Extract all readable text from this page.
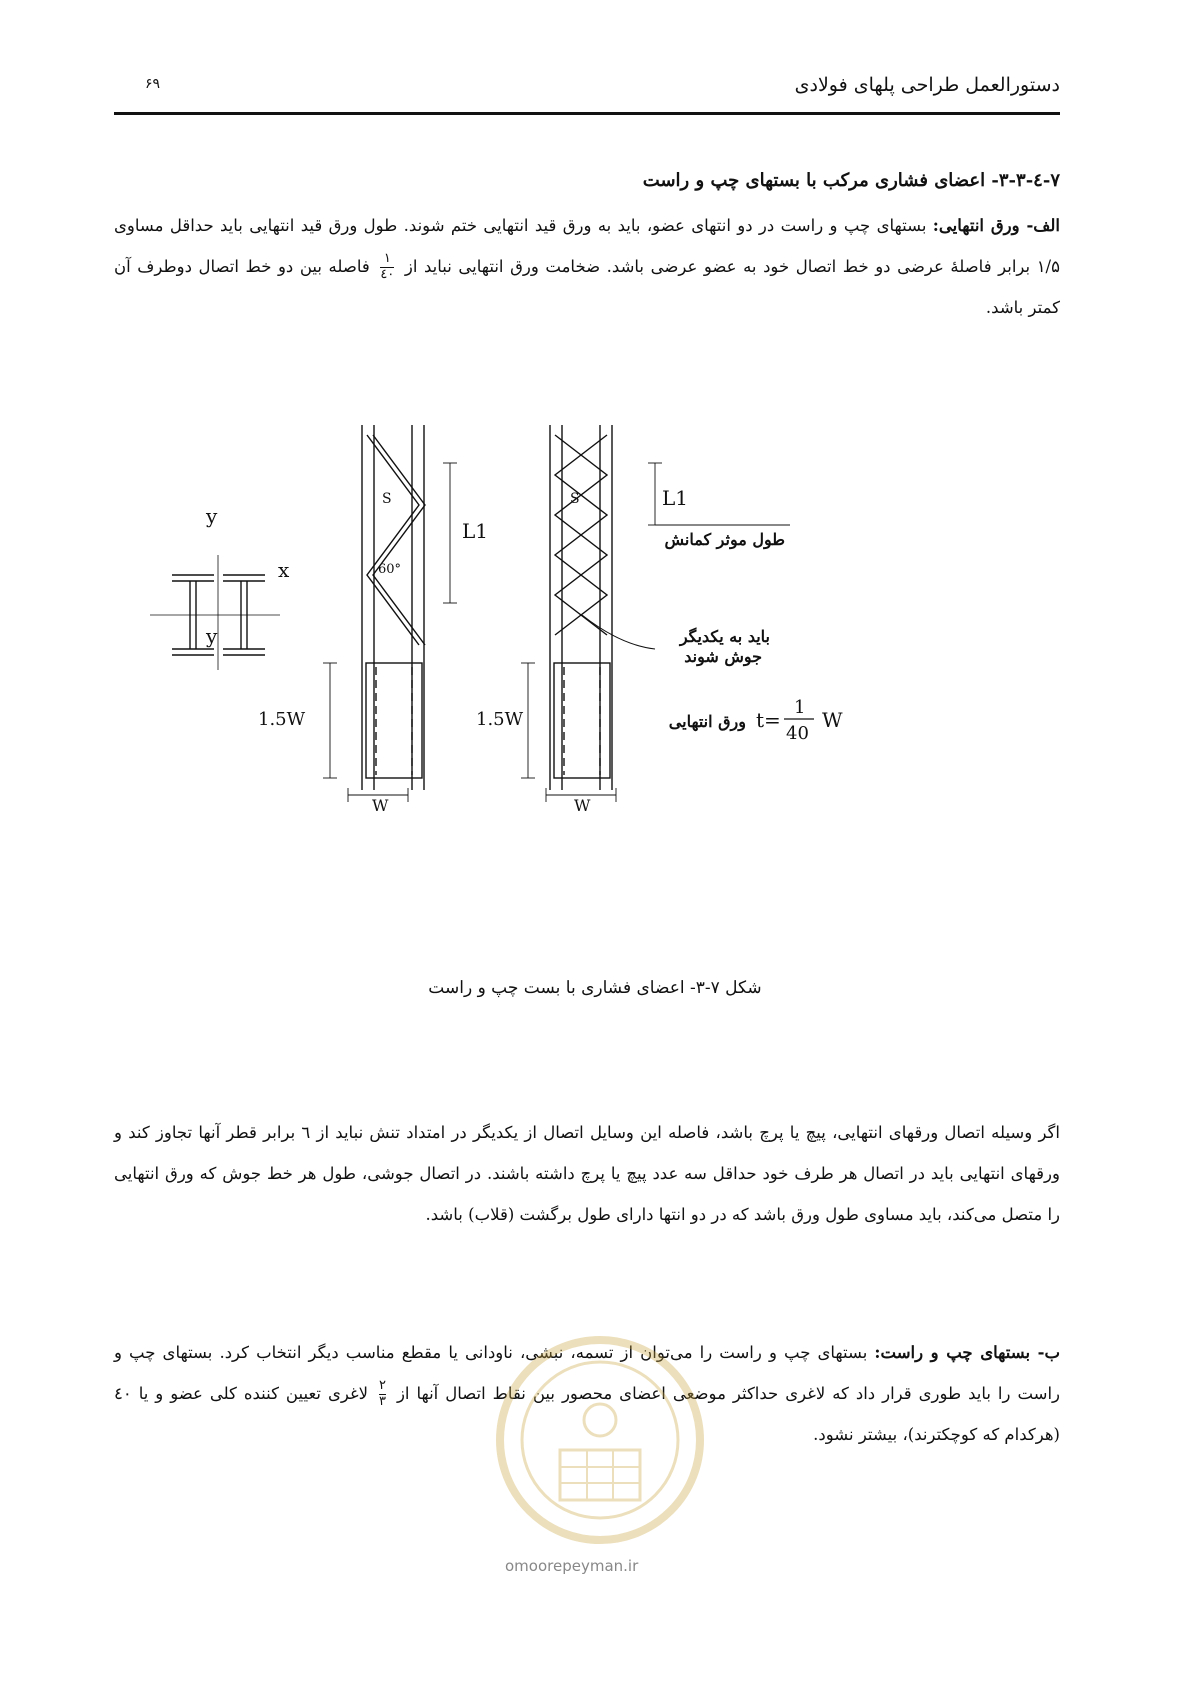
دستورالعمل طراحی پلهای فولادی
۶۹
۷-٤-۳-۳- اعضای فشاری مرکب با بستهای چپ و راست
الف- ورق انتهایی: بستهای چپ و راست در دو انتهای عضو، باید به ورق قید انتهایی ختم شوند. طول ورق قید انتهایی باید حداقل مساوی ۱/۵ برابر فاصلهٔ عرضی دو خط اتصال خود به عضو عرضی باشد. ضخامت ورق انتهایی نباید از
$\frac{۱}{٤۰}$
فاصله بین دو خط اتصال دوطرف آن کمتر باشد.
y
y
x
S	S
L1
L1
60°
W	W
1.5W	1.5W
طول موثر کمانش
باید به یکدیگر
جوش شوند
ورق انتهایی t=
1
40
W
شکل ۷-۳- اعضای فشاری با بست چپ و راست
اگر وسیله اتصال ورقهای انتهایی، پیچ یا پرچ باشد، فاصله این وسایل اتصال از یکدیگر در امتداد تنش نباید از ٦ برابر قطر آنها تجاوز کند و ورقهای انتهایی باید در اتصال هر طرف خود حداقل سه عدد پیچ یا پرچ داشته باشند. در اتصال جوشی، طول هر خط جوش که ورق انتهایی را متصل می‌کند، باید مساوی طول ورق باشد که در دو انتها دارای طول برگشت (قلاب) باشد.
ب- بستهای چپ و راست: بستهای چپ و راست را می‌توان از تسمه، نبشی، ناودانی یا مقطع مناسب دیگر انتخاب کرد. بستهای چپ و راست را باید طوری قرار داد که لاغری حداکثر موضعی اعضای محصور بین نقاط اتصال آنها از
$\frac{۲}{۳}$
لاغری تعیین کننده کلی عضو و یا ٤۰ (هرکدام که کوچکترند)، بیشتر نشود.
omoorepeyman.ir
